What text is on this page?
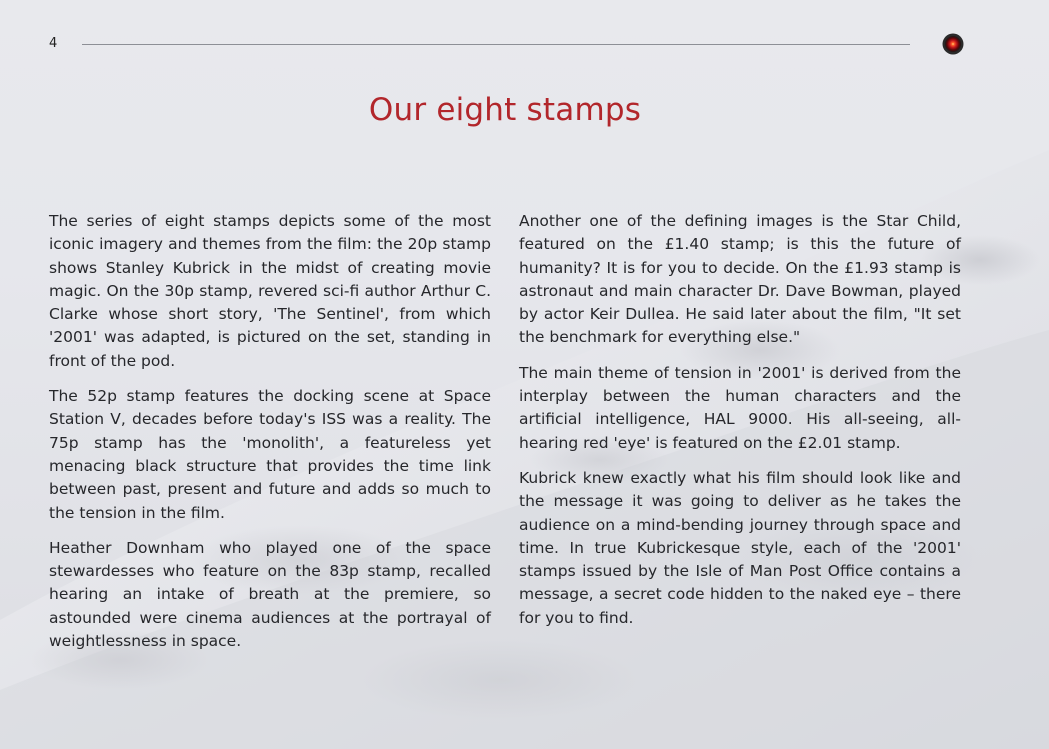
4
Our eight stamps

The series of eight stamps depicts some of the most iconic imagery and themes from the film: the 20p stamp shows Stanley Kubrick in the midst of creating movie magic. On the 30p stamp, revered sci-fi author Arthur C. Clarke whose short story, 'The Sentinel', from which '2001' was adapted, is pictured on the set, standing in front of the pod.

The 52p stamp features the docking scene at Space Station V, decades before today's ISS was a reality. The 75p stamp has the 'monolith', a featureless yet menacing black structure that provides the time link between past, present and future and adds so much to the tension in the film.

Heather Downham who played one of the space stewardesses who feature on the 83p stamp, recalled hearing an intake of breath at the premiere, so astounded were cinema audiences at the portrayal of weightlessness in space.

Another one of the defining images is the Star Child, featured on the £1.40 stamp; is this the future of humanity? It is for you to decide. On the £1.93 stamp is astronaut and main character Dr. Dave Bowman, played by actor Keir Dullea. He said later about the film, "It set the benchmark for everything else."

The main theme of tension in '2001' is derived from the interplay between the human characters and the artificial intelligence, HAL 9000. His all-seeing, all-hearing red 'eye' is featured on the £2.01 stamp.

Kubrick knew exactly what his film should look like and the message it was going to deliver as he takes the audience on a mind-bending journey through space and time. In true Kubrickesque style, each of the '2001' stamps issued by the Isle of Man Post Office contains a message, a secret code hidden to the naked eye – there for you to find.
